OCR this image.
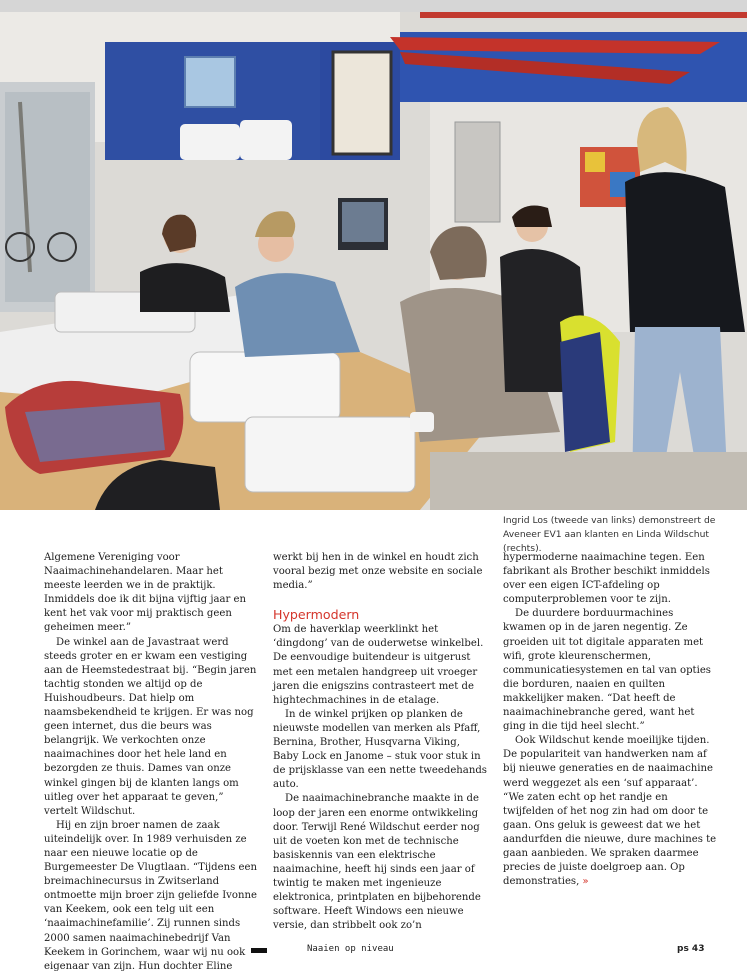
Ingrid Los (tweede van links) demonstreert de Aveneer EV1 aan klanten en Linda Wildschut (rechts).

Algemene Vereniging voor Naaimachinehandelaren. Maar het meeste leerden we in de praktijk. Inmiddels doe ik dit bijna vijftig jaar en kent het vak voor mij praktisch geen geheimen meer.”

De winkel aan de Javastraat werd steeds groter en er kwam een vestiging aan de Heemstedestraat bij. “Begin jaren tachtig stonden we altijd op de Huishoudbeurs. Dat hielp om naamsbekendheid te krijgen. Er was nog geen internet, dus die beurs was belangrijk. We verkochten onze naaimachines door het hele land en bezorgden ze thuis. Dames van onze winkel gingen bij de klanten langs om uitleg over het apparaat te geven,” vertelt Wildschut.

Hij en zijn broer namen de zaak uiteindelijk over. In 1989 verhuisden ze naar een nieuwe locatie op de Burgemeester De Vlugtlaan. “Tijdens een breimachinecursus in Zwitserland ontmoette mijn broer zijn geliefde Ivonne van Keekem, ook een telg uit een ‘naaimachinefamilie’. Zij runnen sinds 2000 samen naaimachinebedrijf Van Keekem in Gorinchem, waar wij nu ook eigenaar van zijn. Hun dochter Eline

werkt bij hen in de winkel en houdt zich vooral bezig met onze website en sociale media.”

Hypermodern

Om de haverklap weerklinkt het ‘dingdong’ van de ouderwetse winkelbel. De eenvoudige buitendeur is uitgerust met een metalen handgreep uit vroeger jaren die enigszins contrasteert met de hightechmachines in de etalage.

In de winkel prijken op planken de nieuwste modellen van merken als Pfaff, Bernina, Brother, Husqvarna Viking, Baby Lock en Janome – stuk voor stuk in de prijsklasse van een nette tweedehands auto.

De naaimachinebranche maakte in de loop der jaren een enorme ontwikkeling door. Terwijl René Wildschut eerder nog uit de voeten kon met de technische basiskennis van een elektrische naaimachine, heeft hij sinds een jaar of twintig te maken met ingenieuze elektronica, printplaten en bijbehorende software. Heeft Windows een nieuwe versie, dan stribbelt ook zo’n

hypermoderne naaimachine tegen. Een fabrikant als Brother beschikt inmiddels over een eigen ICT-afdeling op computerproblemen voor te zijn.

De duurdere borduurmachines kwamen op in de jaren negentig. Ze groeiden uit tot digitale apparaten met wifi, grote kleurenschermen, communicatiesystemen en tal van opties die borduren, naaien en quilten makkelijker maken. “Dat heeft de naaimachinebranche gered, want het ging in die tijd heel slecht.”

Ook Wildschut kende moeilijke tijden. De populariteit van handwerken nam af bij nieuwe generaties en de naaimachine werd weggezet als een ‘suf apparaat’. “We zaten echt op het randje en twijfelden of het nog zin had om door te gaan. Ons geluk is geweest dat we het aandurfden die nieuwe, dure machines te gaan aanbieden. We spraken daarmee precies de juiste doelgroep aan. Op demonstraties, »

Naaien op niveau	ps 43
